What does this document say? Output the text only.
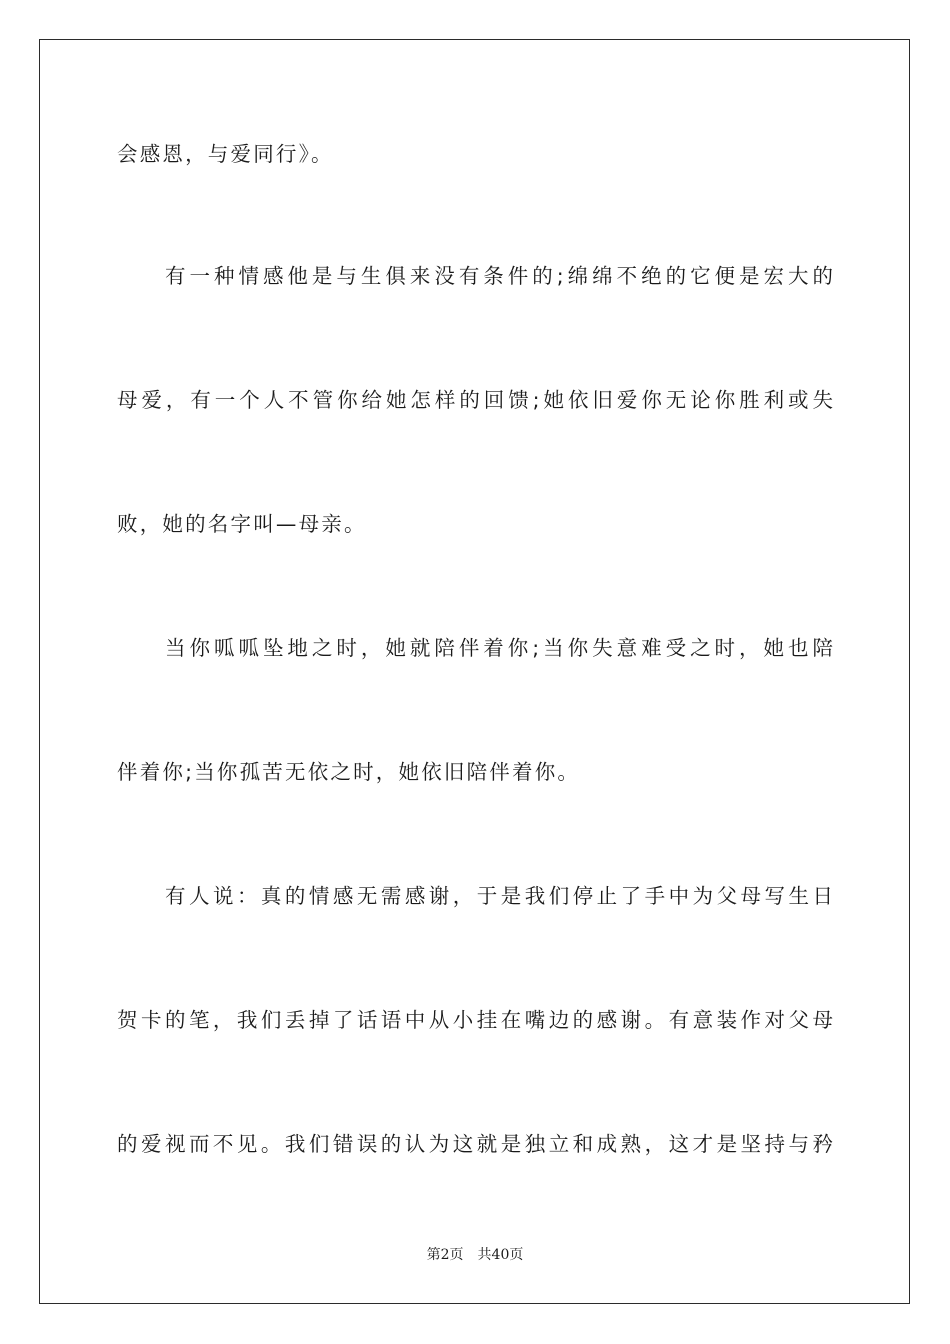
会感恩，与爱同行》。
有一种情感他是与生俱来没有条件的;绵绵不绝的它便是宏大的
母爱，有一个人不管你给她怎样的回馈;她依旧爱你无论你胜利或失
败，她的名字叫—母亲。
当你呱呱坠地之时，她就陪伴着你;当你失意难受之时，她也陪
伴着你;当你孤苦无依之时，她依旧陪伴着你。
有人说：真的情感无需感谢，于是我们停止了手中为父母写生日
贺卡的笔，我们丢掉了话语中从小挂在嘴边的感谢。有意装作对父母
的爱视而不见。我们错误的认为这就是独立和成熟，这才是坚持与矜
第2页 共40页
